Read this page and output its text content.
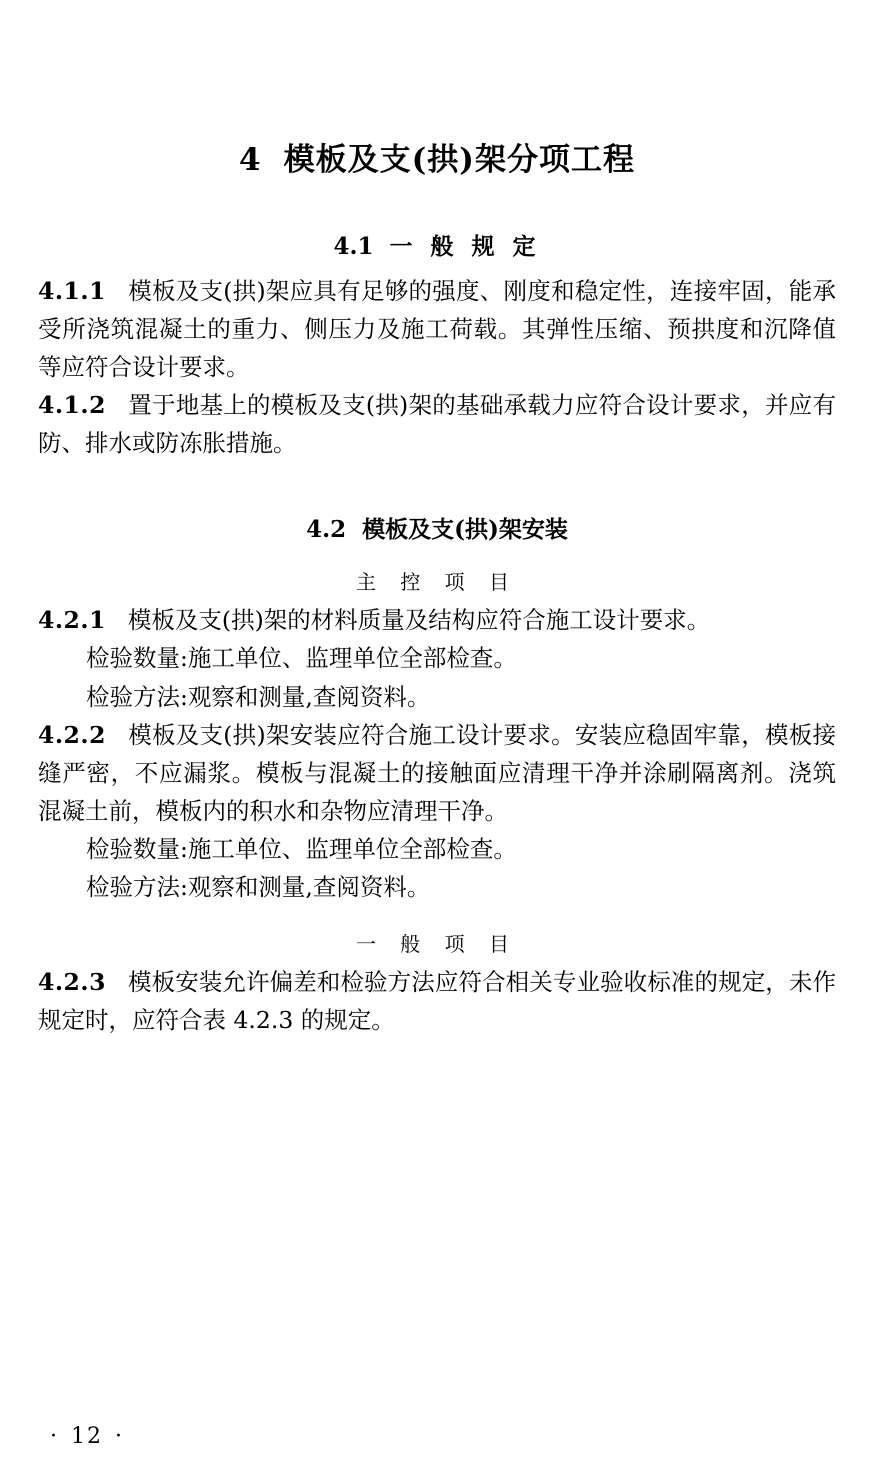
4 模板及支(拱)架分项工程
4.1 一 般 规 定

4.1.1 模板及支(拱)架应具有足够的强度、刚度和稳定性，连接牢固，能承受所浇筑混凝土的重力、侧压力及施工荷载。其弹性压缩、预拱度和沉降值等应符合设计要求。

4.1.2 置于地基上的模板及支(拱)架的基础承载力应符合设计要求，并应有防、排水或防冻胀措施。

4.2 模板及支(拱)架安装
主 控 项 目

4.2.1 模板及支(拱)架的材料质量及结构应符合施工设计要求。

检验数量:施工单位、监理单位全部检查。

检验方法:观察和测量,查阅资料。

4.2.2 模板及支(拱)架安装应符合施工设计要求。安装应稳固牢靠，模板接缝严密，不应漏浆。模板与混凝土的接触面应清理干净并涂刷隔离剂。浇筑混凝土前，模板内的积水和杂物应清理干净。

检验数量:施工单位、监理单位全部检查。

检验方法:观察和测量,查阅资料。

一 般 项 目

4.2.3 模板安装允许偏差和检验方法应符合相关专业验收标准的规定，未作规定时，应符合表 4.2.3 的规定。

· 12 ·
